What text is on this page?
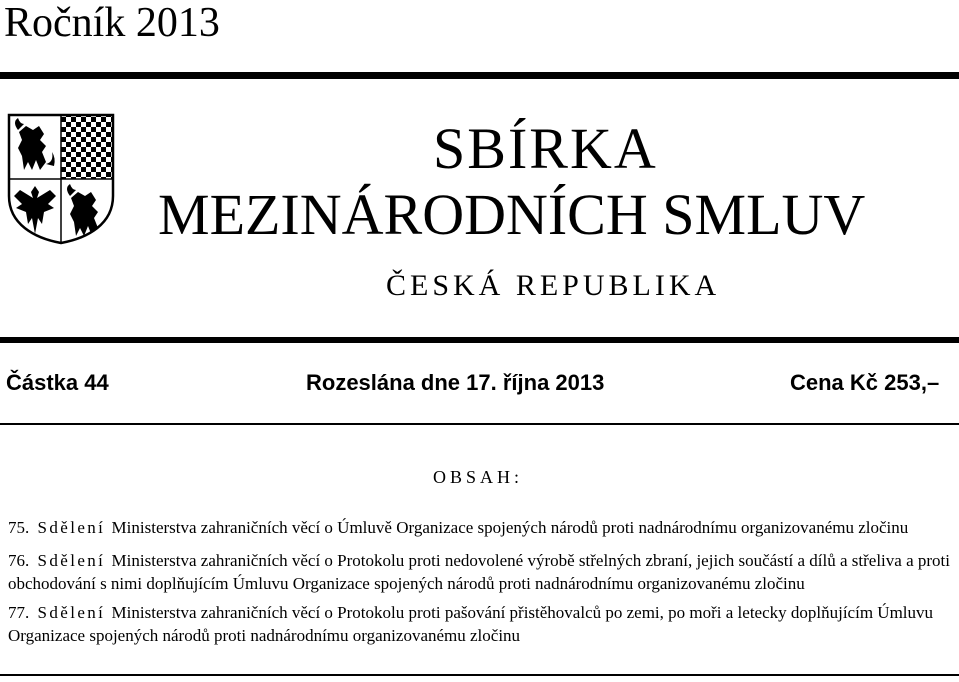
Ročník 2013
SBÍRKA
MEZINÁRODNÍCH SMLUV
ČESKÁ REPUBLIKA
Částka 44	Rozeslána dne 17. října 2013	Cena Kč 253,–
OBSAH:
75. Sdělení Ministerstva zahraničních věcí o Úmluvě Organizace spojených národů proti nadnárodnímu organizovanému zločinu
76. Sdělení Ministerstva zahraničních věcí o Protokolu proti nedovolené výrobě střelných zbraní, jejich součástí a dílů a střeliva a proti obchodování s nimi doplňujícím Úmluvu Organizace spojených národů proti nadnárodnímu organizovanému zločinu
77. Sdělení Ministerstva zahraničních věcí o Protokolu proti pašování přistěhovalců po zemi, po moři a letecky doplňujícím Úmluvu Organizace spojených národů proti nadnárodnímu organizovanému zločinu
